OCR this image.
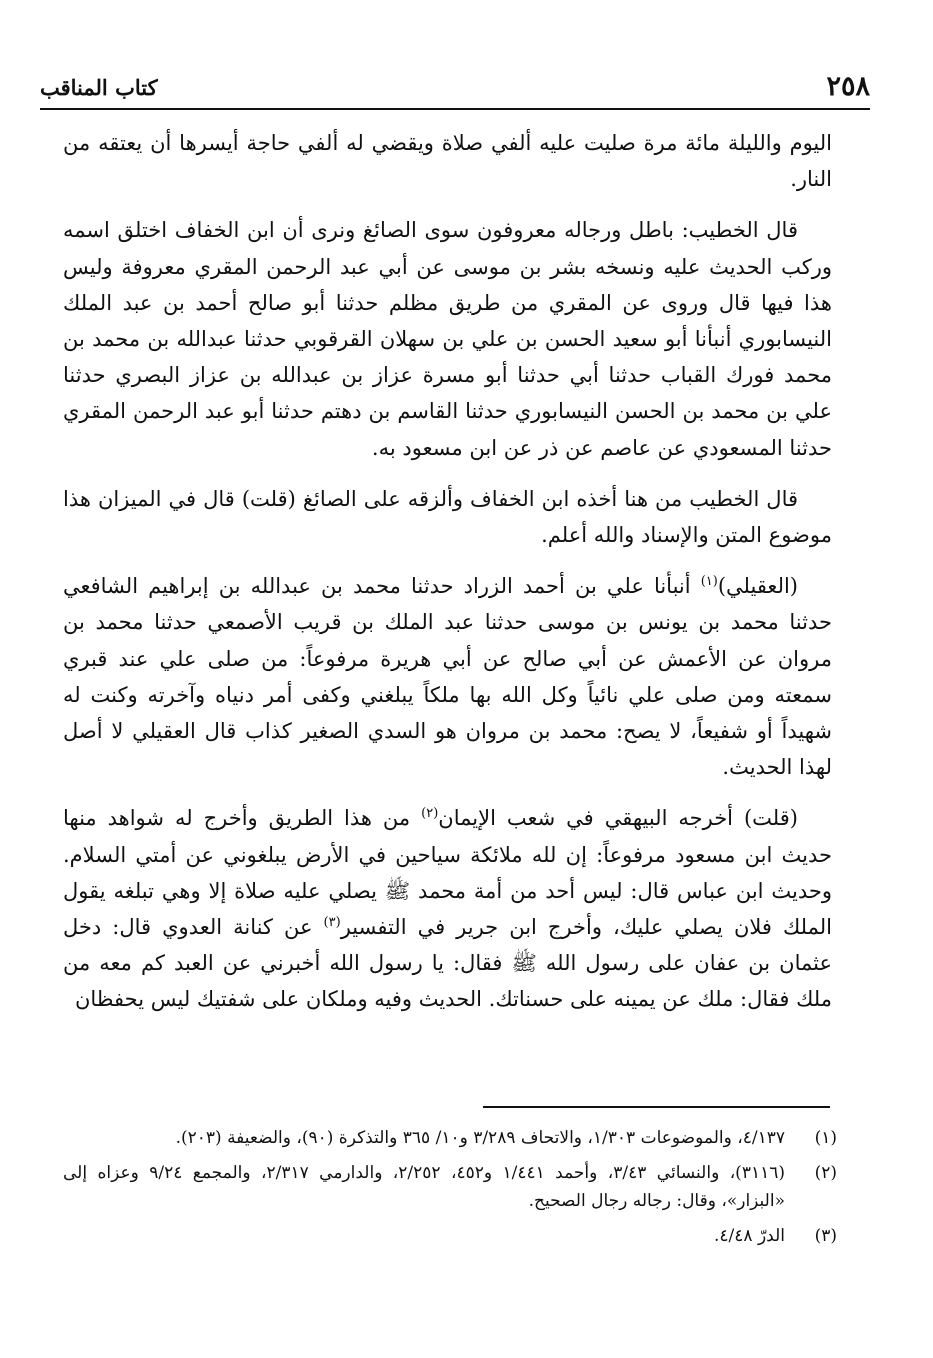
٢٥٨
كتاب المناقب

اليوم والليلة مائة مرة صليت عليه ألفي صلاة ويقضي له ألفي حاجة أيسرها أن يعتقه من النار.

قال الخطيب: باطل ورجاله معروفون سوى الصائغ ونرى أن ابن الخفاف اختلق اسمه وركب الحديث عليه ونسخه بشر بن موسى عن أبي عبد الرحمن المقري معروفة وليس هذا فيها قال وروى عن المقري من طريق مظلم حدثنا أبو صالح أحمد بن عبد الملك النيسابوري أنبأنا أبو سعيد الحسن بن علي بن سهلان القرقوبي حدثنا عبدالله بن محمد بن محمد فورك القباب حدثنا أبي حدثنا أبو مسرة عزاز بن عبدالله بن عزاز البصري حدثنا علي بن محمد بن الحسن النيسابوري حدثنا القاسم بن دهتم حدثنا أبو عبد الرحمن المقري حدثنا المسعودي عن عاصم عن ذر عن ابن مسعود به.

قال الخطيب من هنا أخذه ابن الخفاف وألزقه على الصائغ (قلت) قال في الميزان هذا موضوع المتن والإسناد والله أعلم.

(العقيلي)$^{(١)}$ أنبأنا علي بن أحمد الزراد حدثنا محمد بن عبدالله بن إبراهيم الشافعي حدثنا محمد بن يونس بن موسى حدثنا عبد الملك بن قريب الأصمعي حدثنا محمد بن مروان عن الأعمش عن أبي صالح عن أبي هريرة مرفوعاً: من صلى علي عند قبري سمعته ومن صلى علي نائياً وكل الله بها ملكاً يبلغني وكفى أمر دنياه وآخرته وكنت له شهيداً أو شفيعاً، لا يصح: محمد بن مروان هو السدي الصغير كذاب قال العقيلي لا أصل لهذا الحديث.

(قلت) أخرجه البيهقي في شعب الإيمان$^{(٢)}$ من هذا الطريق وأخرج له شواهد منها حديث ابن مسعود مرفوعاً: إن لله ملائكة سياحين في الأرض يبلغوني عن أمتي السلام. وحديث ابن عباس قال: ليس أحد من أمة محمد ﷺ يصلي عليه صلاة إلا وهي تبلغه يقول الملك فلان يصلي عليك، وأخرج ابن جرير في التفسير$^{(٣)}$ عن كنانة العدوي قال: دخل عثمان بن عفان على رسول الله ﷺ فقال: يا رسول الله أخبرني عن العبد كم معه من ملك فقال: ملك عن يمينه على حسناتك. الحديث وفيه وملكان على شفتيك ليس يحفظان

(١)
٤/١٣٧، والموضوعات ١/٣٠٣، والاتحاف ٣/٢٨٩ و١٠/ ٣٦٥ والتذكرة (٩٠)، والضعيفة (٢٠٣).
(٢)
(٣١١٦)، والنسائي ٣/٤٣، وأحمد ١/٤٤١ و٤٥٢، ٢/٢٥٢، والدارمي ٢/٣١٧، والمجمع ٩/٢٤ وعزاه إلى «البزار»، وقال: رجاله رجال الصحيح.
(٣)
الدرّ ٤/٤٨.
